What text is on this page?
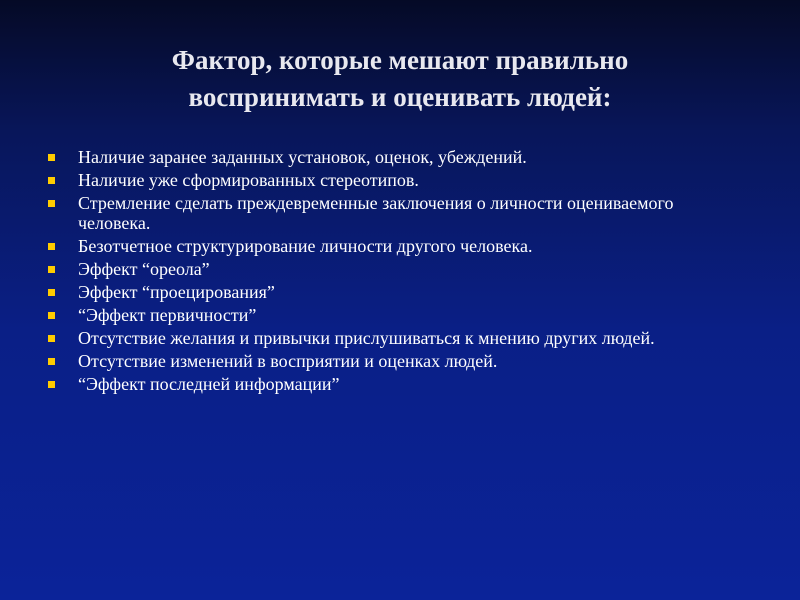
Фактор, которые мешают правильно
воспринимать и оценивать людей:
Наличие заранее заданных установок, оценок, убеждений.
Наличие уже сформированных стереотипов.
Стремление сделать преждевременные заключения о личности оцениваемого человека.
Безотчетное структурирование личности другого человека.
Эффект “ореола”
Эффект “проецирования”
“Эффект первичности”
Отсутствие желания и привычки прислушиваться к мнению других людей.
Отсутствие изменений в восприятии и оценках людей.
“Эффект последней информации”
